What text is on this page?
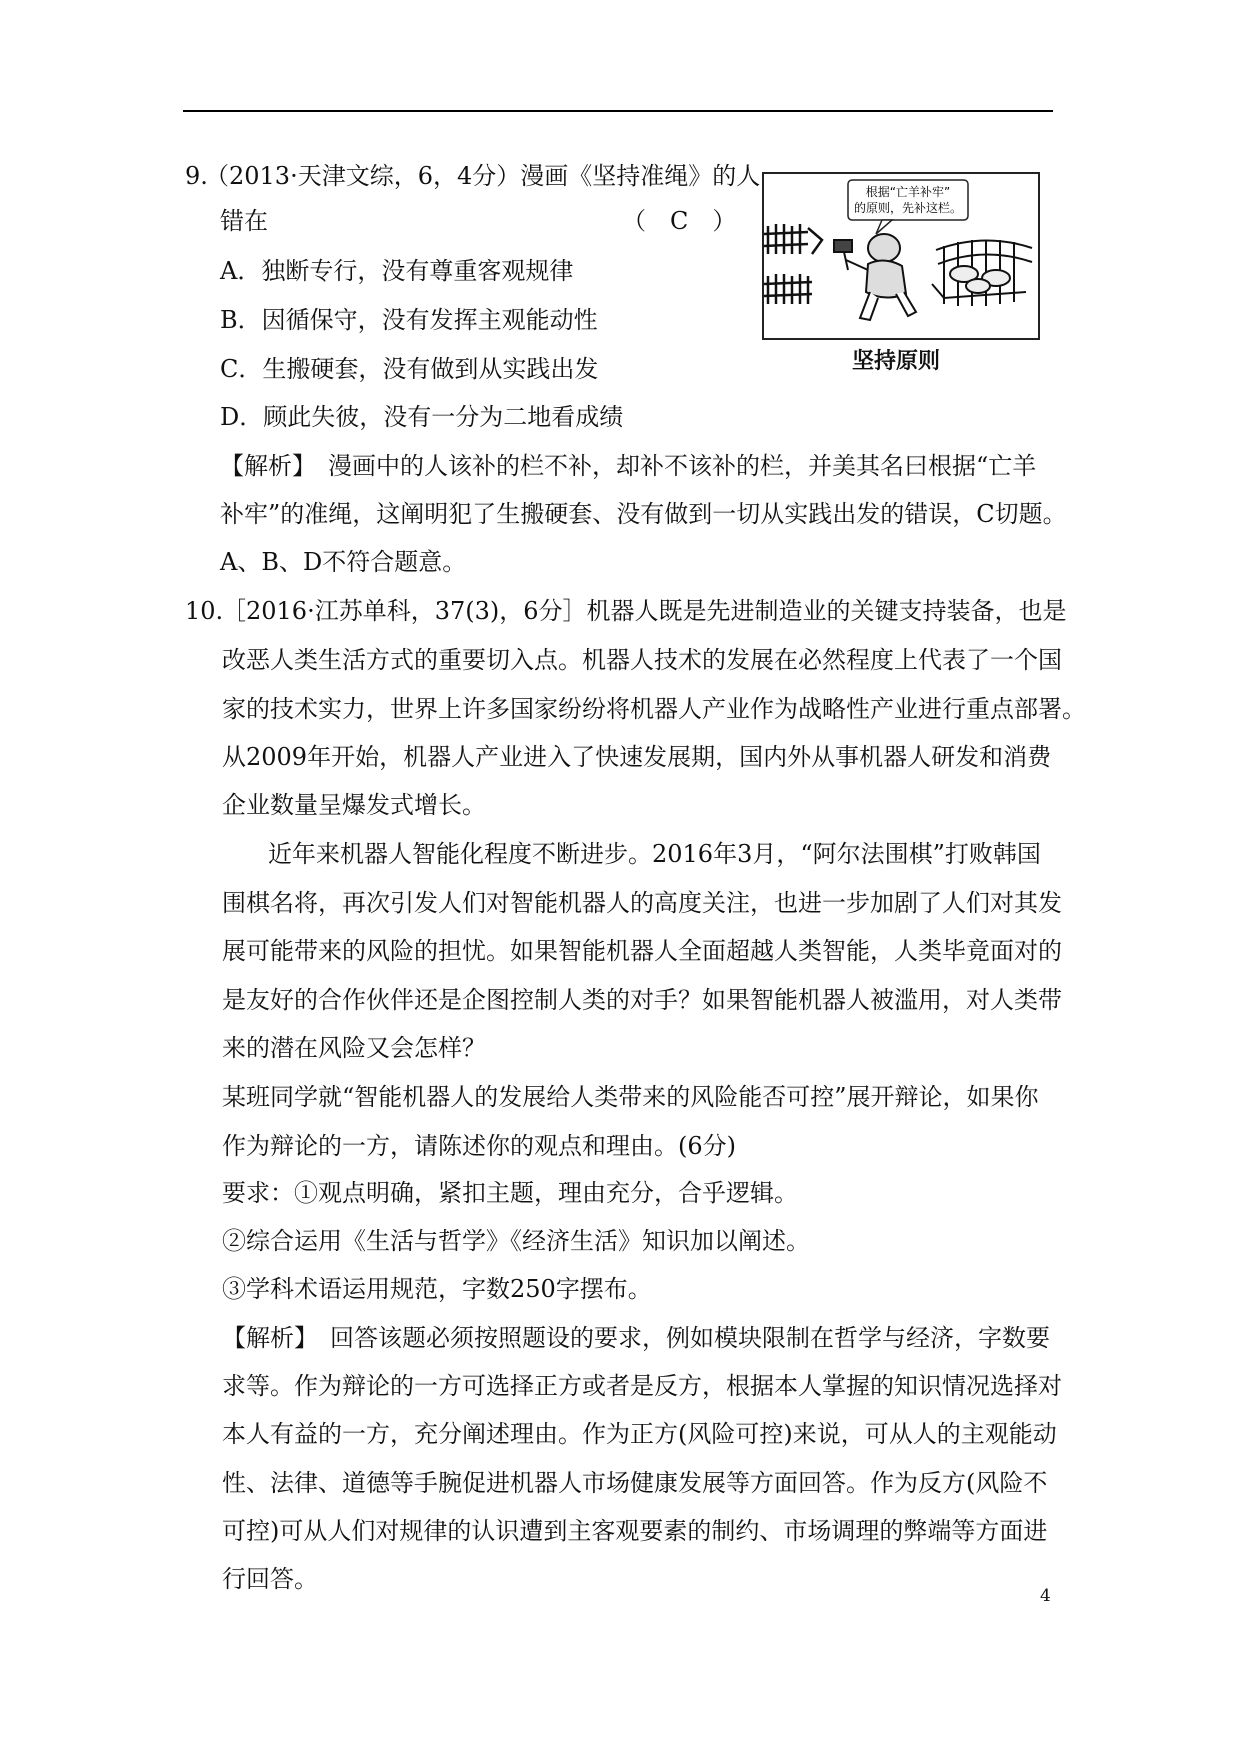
9.
（2013·天津文综，6，4分）漫画《坚持准绳》的人
错在	（　C　）
A．独断专行，没有尊重客观规律
B．因循保守，没有发挥主观能动性
C．生搬硬套，没有做到从实践出发
D．顾此失彼，没有一分为二地看成绩
【解析】　漫画中的人该补的栏不补，却补不该补的栏，并美其名曰根据“亡羊
补牢”的准绳，这阐明犯了生搬硬套、没有做到一切从实践出发的错误，C切题。
A、B、D不符合题意。
根据“亡羊补牢”
的原则，先补这栏。
坚持原则
10.
［2016·江苏单科，37(3)，6分］机器人既是先进制造业的关键支持装备，也是
改恶人类生活方式的重要切入点。机器人技术的发展在必然程度上代表了一个国
家的技术实力，世界上许多国家纷纷将机器人产业作为战略性产业进行重点部署。
从2009年开始，机器人产业进入了快速发展期，国内外从事机器人研发和消费
企业数量呈爆发式增长。
近年来机器人智能化程度不断进步。2016年3月，“阿尔法围棋”打败韩国
围棋名将，再次引发人们对智能机器人的高度关注，也进一步加剧了人们对其发
展可能带来的风险的担忧。如果智能机器人全面超越人类智能，人类毕竟面对的
是友好的合作伙伴还是企图控制人类的对手？如果智能机器人被滥用，对人类带
来的潜在风险又会怎样？
某班同学就“智能机器人的发展给人类带来的风险能否可控”展开辩论，如果你
作为辩论的一方，请陈述你的观点和理由。(6分)
要求：①观点明确，紧扣主题，理由充分，合乎逻辑。
②综合运用《生活与哲学》《经济生活》知识加以阐述。
③学科术语运用规范，字数250字摆布。
【解析】　回答该题必须按照题设的要求，例如模块限制在哲学与经济，字数要
求等。作为辩论的一方可选择正方或者是反方，根据本人掌握的知识情况选择对
本人有益的一方，充分阐述理由。作为正方(风险可控)来说，可从人的主观能动
性、法律、道德等手腕促进机器人市场健康发展等方面回答。作为反方(风险不
可控)可从人们对规律的认识遭到主客观要素的制约、市场调理的弊端等方面进
行回答。
4
